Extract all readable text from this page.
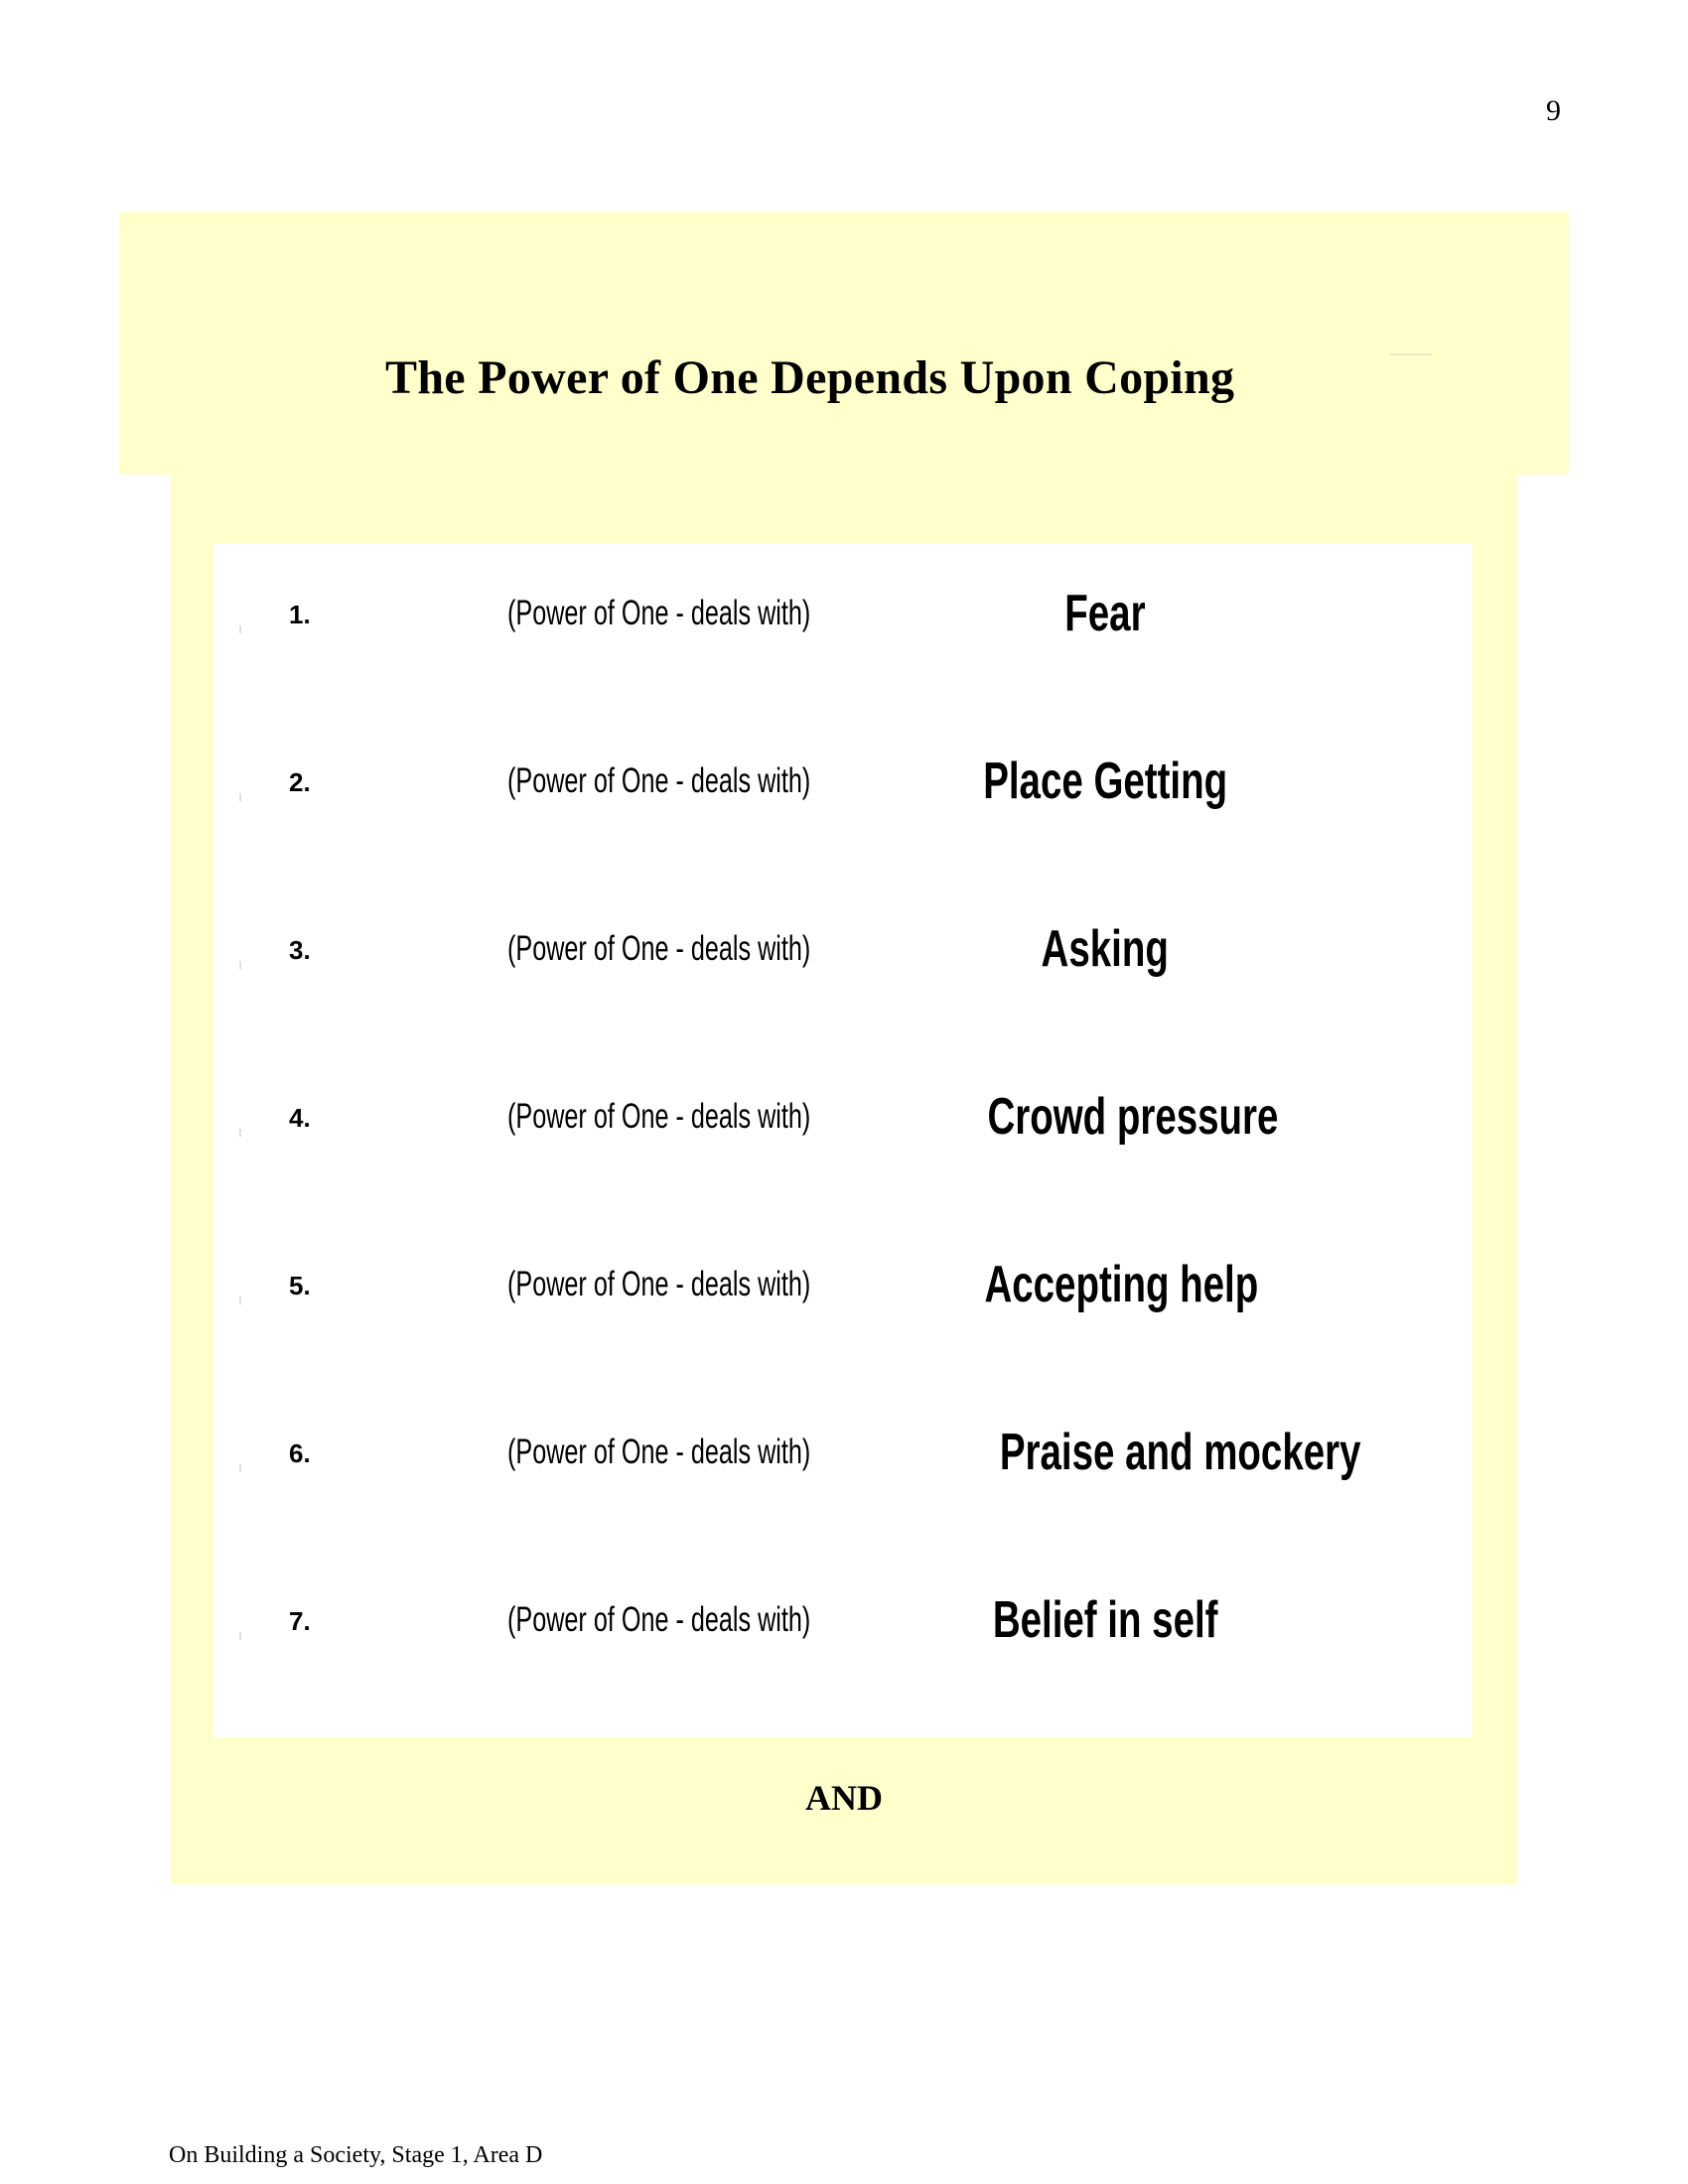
9
The Power of One Depends Upon Coping
1.	(Power of One - deals with)	Fear
2.	(Power of One - deals with)	Place Getting
3.	(Power of One - deals with)	Asking
4.	(Power of One - deals with)	Crowd pressure
5.	(Power of One - deals with)	Accepting help
6.	(Power of One - deals with)	Praise and mockery
7.	(Power of One - deals with)	Belief in self
AND
On Building a Society, Stage 1, Area D
